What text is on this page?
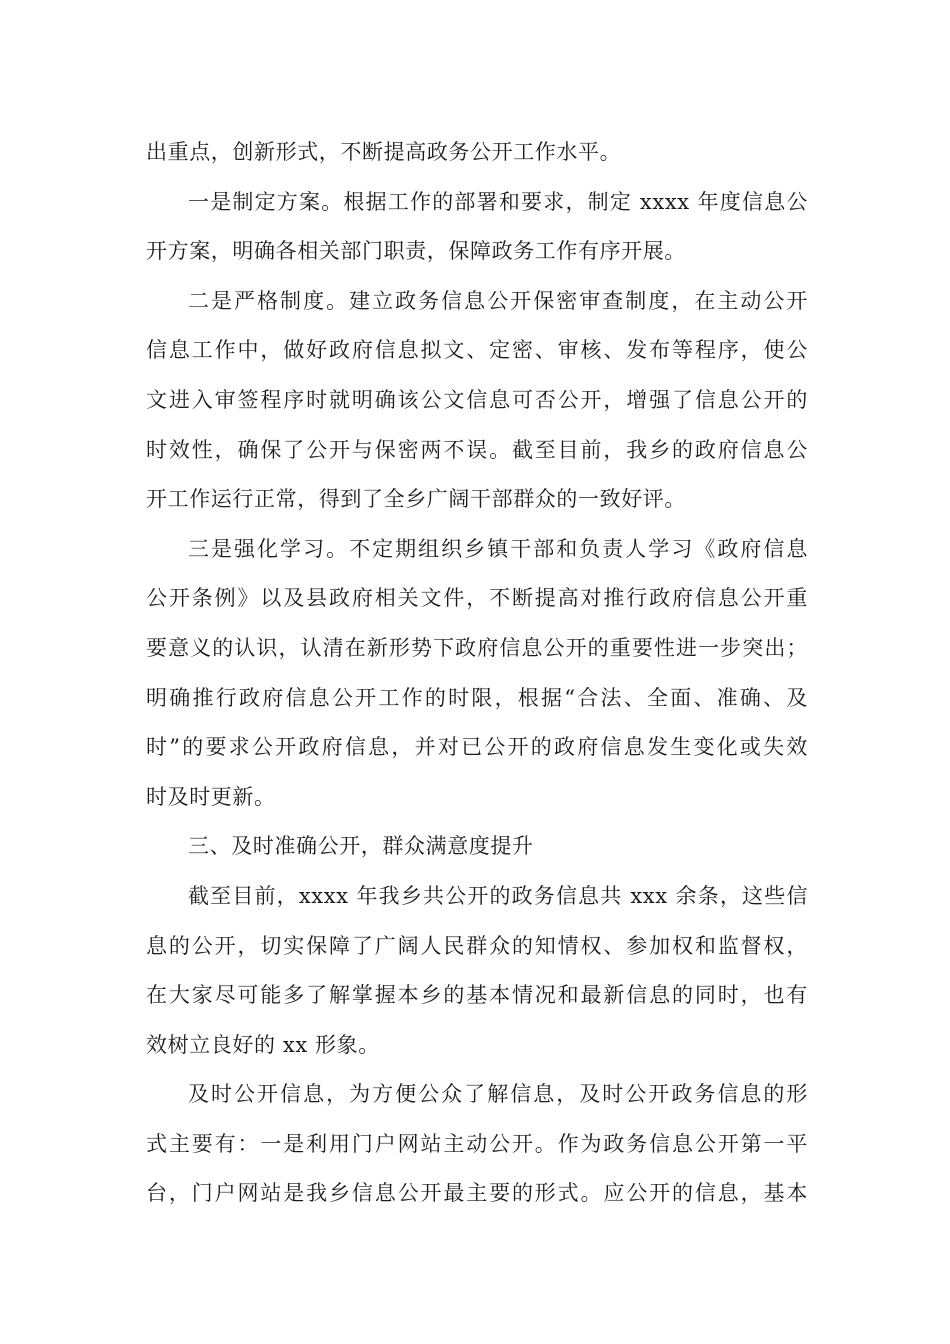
出重点，创新形式，不断提高政务公开工作水平。
一是制定方案。根据工作的部署和要求，制定 xxxx 年度信息公
开方案，明确各相关部门职责，保障政务工作有序开展。
二是严格制度。建立政务信息公开保密审查制度，在主动公开
信息工作中，做好政府信息拟文、定密、审核、发布等程序，使公
文进入审签程序时就明确该公文信息可否公开，增强了信息公开的
时效性，确保了公开与保密两不误。截至目前，我乡的政府信息公
开工作运行正常，得到了全乡广阔干部群众的一致好评。
三是强化学习。不定期组织乡镇干部和负责人学习《政府信息
公开条例》以及县政府相关文件，不断提高对推行政府信息公开重
要意义的认识，认清在新形势下政府信息公开的重要性进一步突出；
明确推行政府信息公开工作的时限，根据“合法、全面、准确、及
时”的要求公开政府信息，并对已公开的政府信息发生变化或失效
时及时更新。
三、及时准确公开，群众满意度提升
截至目前，xxxx 年我乡共公开的政务信息共 xxx 余条，这些信
息的公开，切实保障了广阔人民群众的知情权、参加权和监督权，
在大家尽可能多了解掌握本乡的基本情况和最新信息的同时，也有
效树立良好的 xx 形象。
及时公开信息，为方便公众了解信息，及时公开政务信息的形
式主要有：一是利用门户网站主动公开。作为政务信息公开第一平
台，门户网站是我乡信息公开最主要的形式。应公开的信息，基本
